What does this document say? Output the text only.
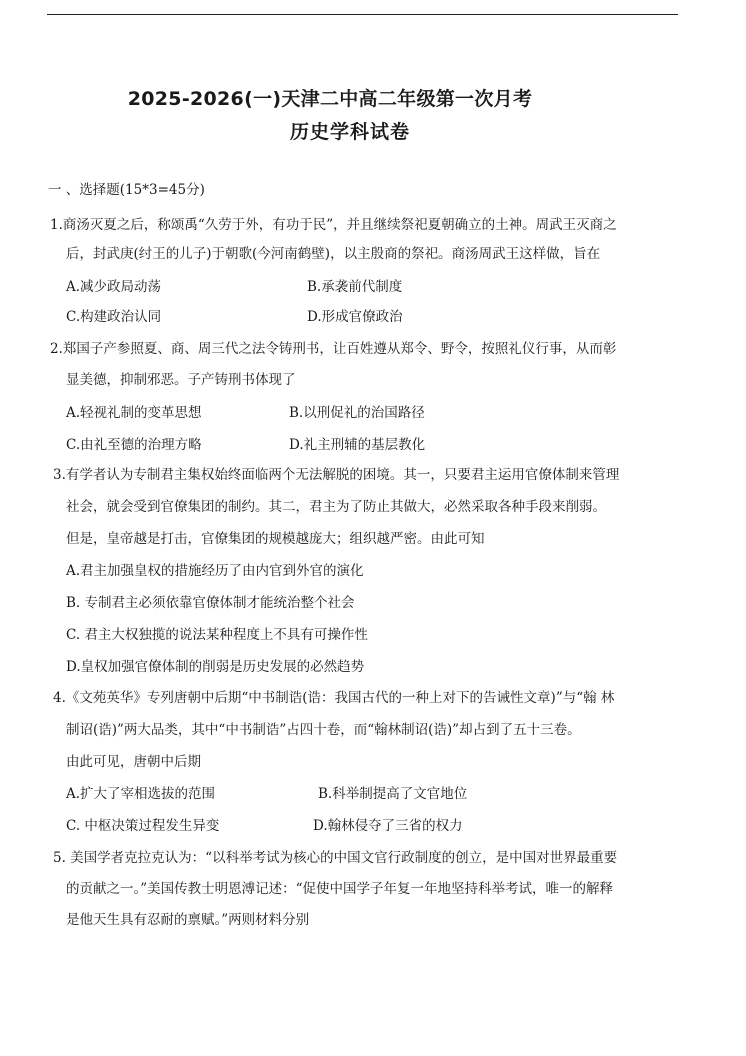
2025-2026(一)天津二中高二年级第一次月考
历史学科试卷
一 、选择题(15*3=45分)
1.商汤灭夏之后，称颂禹“久劳于外，有功于民”，并且继续祭祀夏朝确立的土神。周武王灭商之
后，封武庚(纣王的儿子)于朝歌(今河南鹤壁)，以主殷商的祭祀。商汤周武王这样做，旨在
A.减少政局动荡	B.承袭前代制度
C.构建政治认同	D.形成官僚政治
2.郑国子产参照夏、商、周三代之法令铸刑书，让百姓遵从郑令、野令，按照礼仪行事，从而彰
显美德，抑制邪恶。子产铸刑书体现了
A.轻视礼制的变革思想	B.以刑促礼的治国路径
C.由礼至德的治理方略	D.礼主刑辅的基层教化
3.有学者认为专制君主集权始终面临两个无法解脱的困境。其一，只要君主运用官僚体制来管理
社会，就会受到官僚集团的制约。其二，君主为了防止其做大，必然采取各种手段来削弱。
但是，皇帝越是打击，官僚集团的规模越庞大；组织越严密。由此可知
A.君主加强皇权的措施经历了由内官到外官的演化
B. 专制君主必须依靠官僚体制才能统治整个社会
C. 君主大权独揽的说法某种程度上不具有可操作性
D.皇权加强官僚体制的削弱是历史发展的必然趋势
4.《文苑英华》专列唐朝中后期“中书制诰(诰：我国古代的一种上对下的告诫性文章)”与“翰 林
制诏(诰)”两大品类，其中“中书制诰”占四十卷，而“翰林制诏(诰)”却占到了五十三卷。
由此可见，唐朝中后期
A.扩大了宰相选拔的范围	B.科举制提高了文官地位
C. 中枢决策过程发生异变	D.翰林侵夺了三省的权力
5. 美国学者克拉克认为：“以科举考试为核心的中国文官行政制度的创立，是中国对世界最重要
的贡献之一。”美国传教士明恩溥记述：“促使中国学子年复一年地坚持科举考试，唯一的解释
是他天生具有忍耐的禀赋。”两则材料分别
